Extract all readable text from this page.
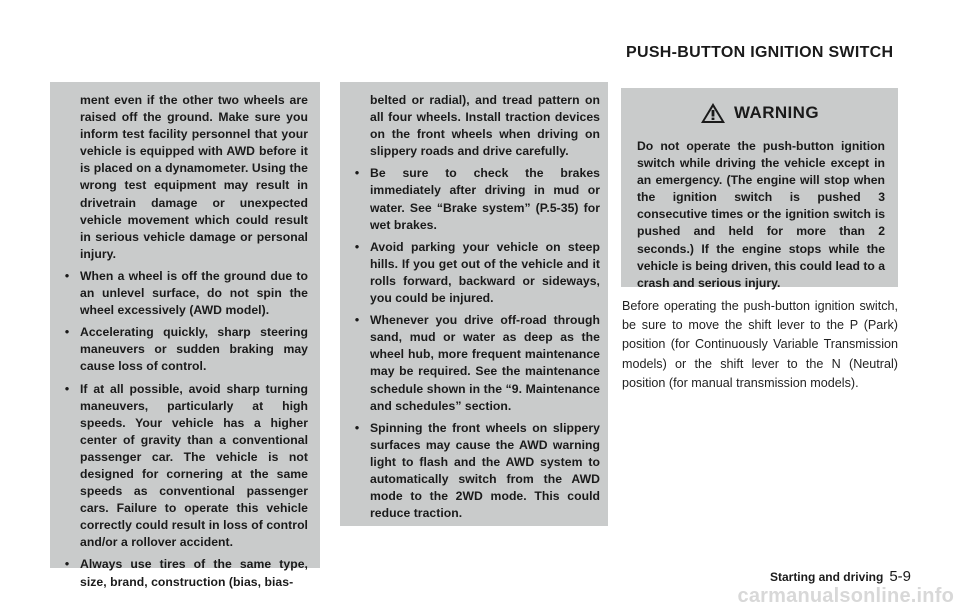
PUSH-BUTTON IGNITION SWITCH
ment even if the other two wheels are raised off the ground. Make sure you inform test facility personnel that your vehicle is equipped with AWD before it is placed on a dynamometer. Using the wrong test equipment may result in drivetrain damage or unexpected vehicle movement which could result in serious vehicle damage or personal injury.
• When a wheel is off the ground due to an unlevel surface, do not spin the wheel excessively (AWD model).
• Accelerating quickly, sharp steering maneuvers or sudden braking may cause loss of control.
• If at all possible, avoid sharp turning maneuvers, particularly at high speeds. Your vehicle has a higher center of gravity than a conventional passenger car. The vehicle is not designed for cornering at the same speeds as conventional passenger cars. Failure to operate this vehicle correctly could result in loss of control and/or a rollover accident.
• Always use tires of the same type, size, brand, construction (bias, bias-
belted or radial), and tread pattern on all four wheels. Install traction devices on the front wheels when driving on slippery roads and drive carefully.
• Be sure to check the brakes immediately after driving in mud or water. See “Brake system” (P.5-35) for wet brakes.
• Avoid parking your vehicle on steep hills. If you get out of the vehicle and it rolls forward, backward or sideways, you could be injured.
• Whenever you drive off-road through sand, mud or water as deep as the wheel hub, more frequent maintenance may be required. See the maintenance schedule shown in the “9. Maintenance and schedules” section.
• Spinning the front wheels on slippery surfaces may cause the AWD warning light to flash and the AWD system to automatically switch from the AWD mode to the 2WD mode. This could reduce traction.
WARNING
Do not operate the push-button ignition switch while driving the vehicle except in an emergency. (The engine will stop when the ignition switch is pushed 3 consecutive times or the ignition switch is pushed and held for more than 2 seconds.) If the engine stops while the vehicle is being driven, this could lead to a crash and serious injury.
Before operating the push-button ignition switch, be sure to move the shift lever to the P (Park) position (for Continuously Variable Transmission models) or the shift lever to the N (Neutral) position (for manual transmission models).
Starting and driving 5-9
carmanualsonline.info
